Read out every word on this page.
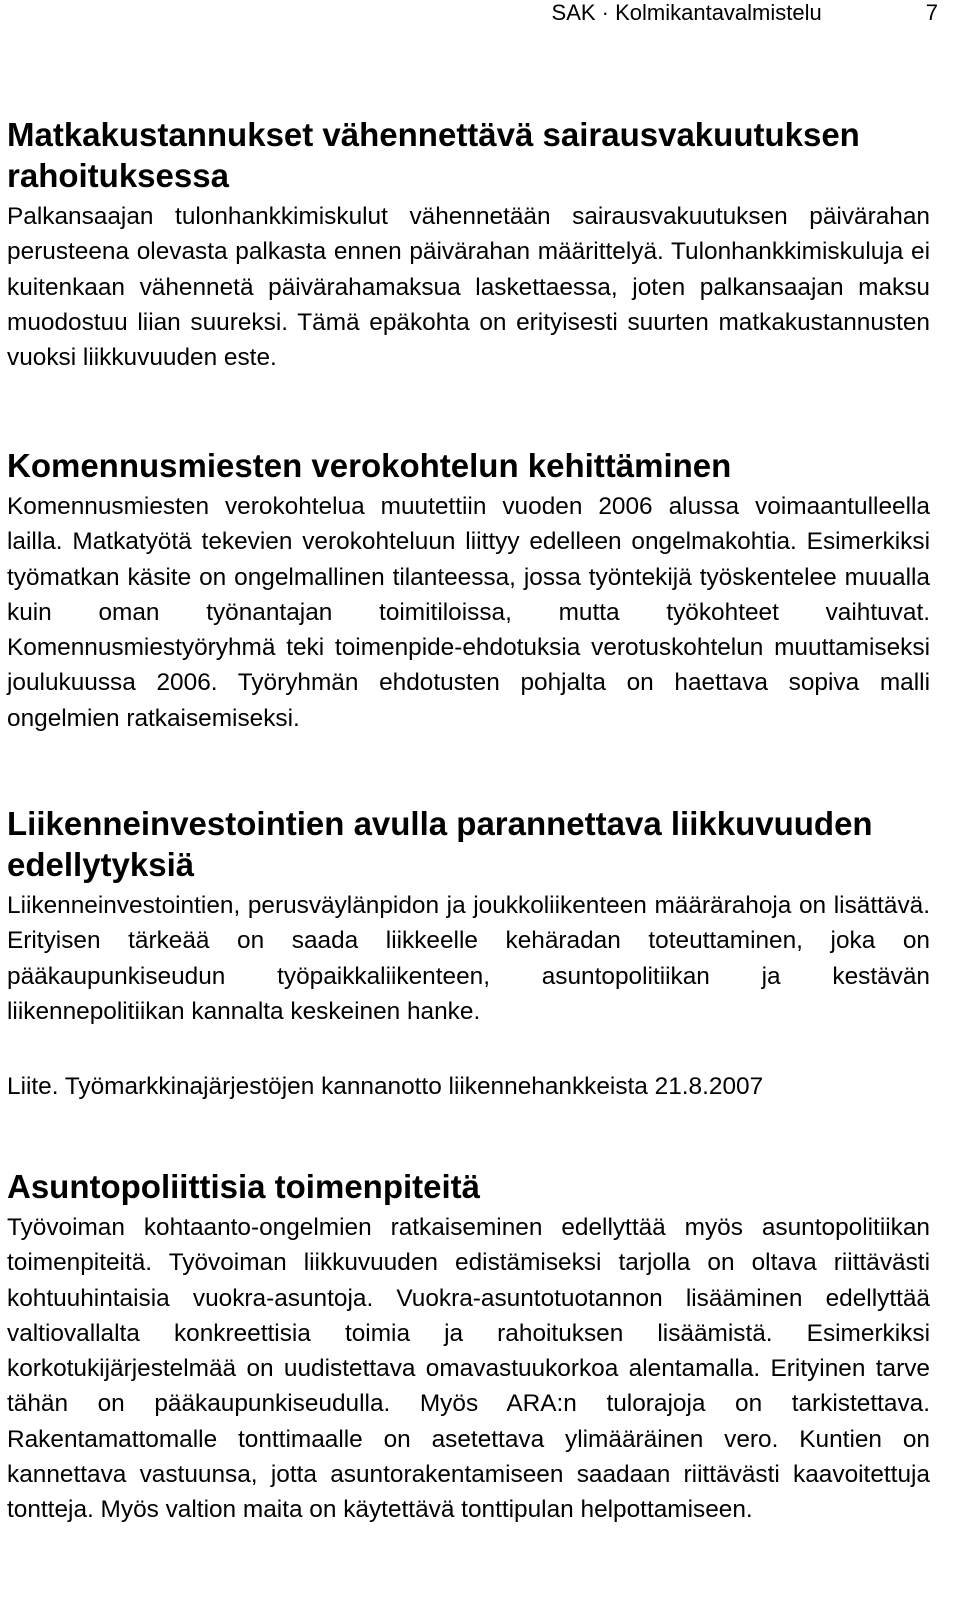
SAK · Kolmikantavalmistelu	7
Matkakustannukset vähennettävä sairausvakuutuksen
rahoituksessa

Palkansaajan tulonhankkimiskulut vähennetään sairausvakuutuksen päivärahan perusteena olevasta palkasta ennen päivärahan määrittelyä. Tulonhankkimiskuluja ei kuitenkaan vähennetä päivärahamaksua laskettaessa, joten palkansaajan maksu muodostuu liian suureksi. Tämä epäkohta on erityisesti suurten matkakustannusten vuoksi liikkuvuuden este.

Komennusmiesten verokohtelun kehittäminen

Komennusmiesten verokohtelua muutettiin vuoden 2006 alussa voimaantulleella lailla. Matkatyötä tekevien verokohteluun liittyy edelleen ongelmakohtia. Esimerkiksi työmatkan käsite on ongelmallinen tilanteessa, jossa työntekijä työskentelee muualla kuin oman työnantajan toimitiloissa, mutta työkohteet vaihtuvat. Komennusmiestyöryhmä teki toimenpide-ehdotuksia verotuskohtelun muuttamiseksi joulukuussa 2006. Työryhmän ehdotusten pohjalta on haettava sopiva malli ongelmien ratkaisemiseksi.

Liikenneinvestointien avulla parannettava liikkuvuuden
edellytyksiä

Liikenneinvestointien, perusväylänpidon ja joukkoliikenteen määrärahoja on lisättävä. Erityisen tärkeää on saada liikkeelle kehäradan toteuttaminen, joka on pääkaupunkiseudun työpaikkaliikenteen, asuntopolitiikan ja kestävän liikennepolitiikan kannalta keskeinen hanke.

Liite. Työmarkkinajärjestöjen kannanotto liikennehankkeista 21.8.2007

Asuntopoliittisia toimenpiteitä

Työvoiman kohtaanto-ongelmien ratkaiseminen edellyttää myös asuntopolitiikan toimenpiteitä. Työvoiman liikkuvuuden edistämiseksi tarjolla on oltava riittävästi kohtuuhintaisia vuokra-asuntoja. Vuokra-asuntotuotannon lisääminen edellyttää valtiovallalta konkreettisia toimia ja rahoituksen lisäämistä. Esimerkiksi korkotukijärjestelmää on uudistettava omavastuukorkoa alentamalla. Erityinen tarve tähän on pääkaupunkiseudulla. Myös ARA:n tulorajoja on tarkistettava. Rakentamattomalle tonttimaalle on asetettava ylimääräinen vero. Kuntien on kannettava vastuunsa, jotta asuntorakentamiseen saadaan riittävästi kaavoitettuja tontteja. Myös valtion maita on käytettävä tonttipulan helpottamiseen.
